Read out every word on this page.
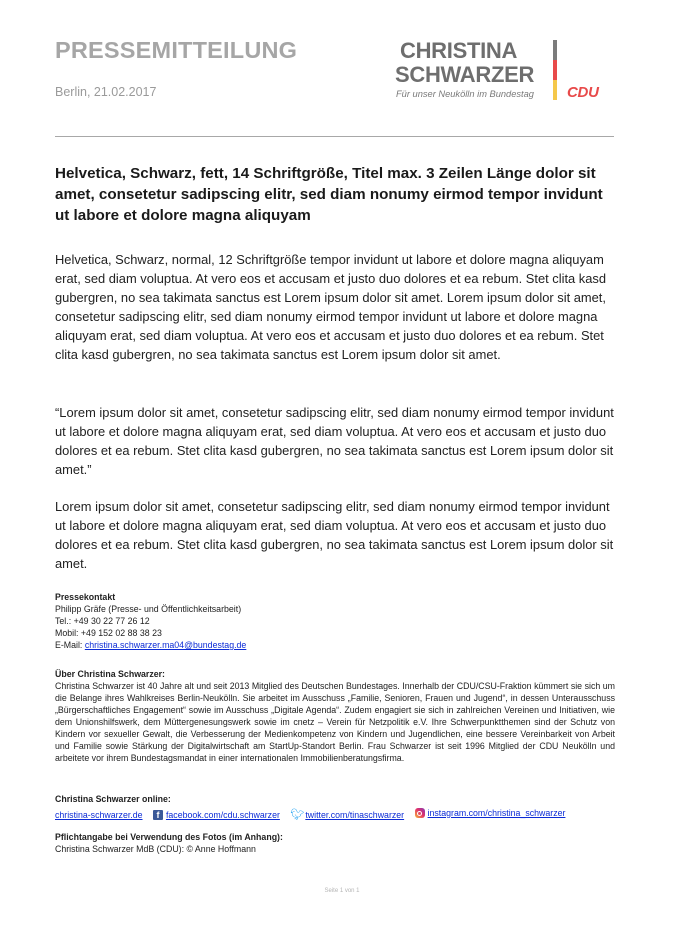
PRESSEMITTEILUNG
Berlin, 21.02.2017
CHRISTINA
SCHWARZER
Für unser Neukölln im Bundestag CDU
Helvetica, Schwarz, fett, 14 Schriftgröße, Titel max. 3 Zeilen Länge dolor sit amet, consetetur sadipscing elitr, sed diam nonumy eirmod tempor invidunt ut labore et dolore magna aliquyam

Helvetica, Schwarz, normal, 12 Schriftgröße tempor invidunt ut labore et dolore magna aliquyam erat, sed diam voluptua. At vero eos et accusam et justo duo dolores et ea rebum. Stet clita kasd gubergren, no sea takimata sanctus est Lorem ipsum dolor sit amet. Lorem ipsum dolor sit amet, consetetur sadipscing elitr, sed diam nonumy eirmod tempor invidunt ut labore et dolore magna aliquyam erat, sed diam voluptua. At vero eos et accusam et justo duo dolores et ea rebum. Stet clita kasd gubergren, no sea takimata sanctus est Lorem ipsum dolor sit amet.

“Lorem ipsum dolor sit amet, consetetur sadipscing elitr, sed diam nonumy eirmod tempor invidunt ut labore et dolore magna aliquyam erat, sed diam voluptua. At vero eos et accusam et justo duo dolores et ea rebum. Stet clita kasd gubergren, no sea takimata sanctus est Lorem ipsum dolor sit amet.”

Lorem ipsum dolor sit amet, consetetur sadipscing elitr, sed diam nonumy eirmod tempor invidunt ut labore et dolore magna aliquyam erat, sed diam voluptua. At vero eos et accusam et justo duo dolores et ea rebum. Stet clita kasd gubergren, no sea takimata sanctus est Lorem ipsum dolor sit amet.

Pressekontakt
Philipp Gräfe (Presse- und Öffentlichkeitsarbeit)
Tel.: +49 30 22 77 26 12
Mobil: +49 152 02 88 38 23
E-Mail: christina.schwarzer.ma04@bundestag.de
Über Christina Schwarzer:
Christina Schwarzer ist 40 Jahre alt und seit 2013 Mitglied des Deutschen Bundestages. Innerhalb der CDU/CSU-Fraktion kümmert sie sich um die Belange ihres Wahlkreises Berlin-Neukölln. Sie arbeitet im Ausschuss „Familie, Senioren, Frauen und Jugend“, in dessen Unterausschuss „Bürgerschaftliches Engagement“ sowie im Ausschuss „Digitale Agenda“. Zudem engagiert sie sich in zahlreichen Vereinen und Initiativen, wie dem Unionshilfswerk, dem Müttergenesungswerk sowie im cnetz – Verein für Netzpolitik e.V. Ihre Schwerpunktthemen sind der Schutz von Kindern vor sexueller Gewalt, die Verbesserung der Medienkompetenz von Kindern und Jugendlichen, eine bessere Vereinbarkeit von Arbeit und Familie sowie Stärkung der Digitalwirtschaft am StartUp-Standort Berlin. Frau Schwarzer ist seit 1996 Mitglied der CDU Neukölln und arbeitete vor ihrem Bundestagsmandat in einer internationalen Immobilienberatungsfirma.
Christina Schwarzer online:
christina-schwarzer.de
	f facebook.com/cdu.schwarzer
🐦︎ twitter.com/tinaschwarzer
	instagram.com/christina_schwarzer
Pflichtangabe bei Verwendung des Fotos (im Anhang):
Christina Schwarzer MdB (CDU): © Anne Hoffmann
Seite 1 von 1
